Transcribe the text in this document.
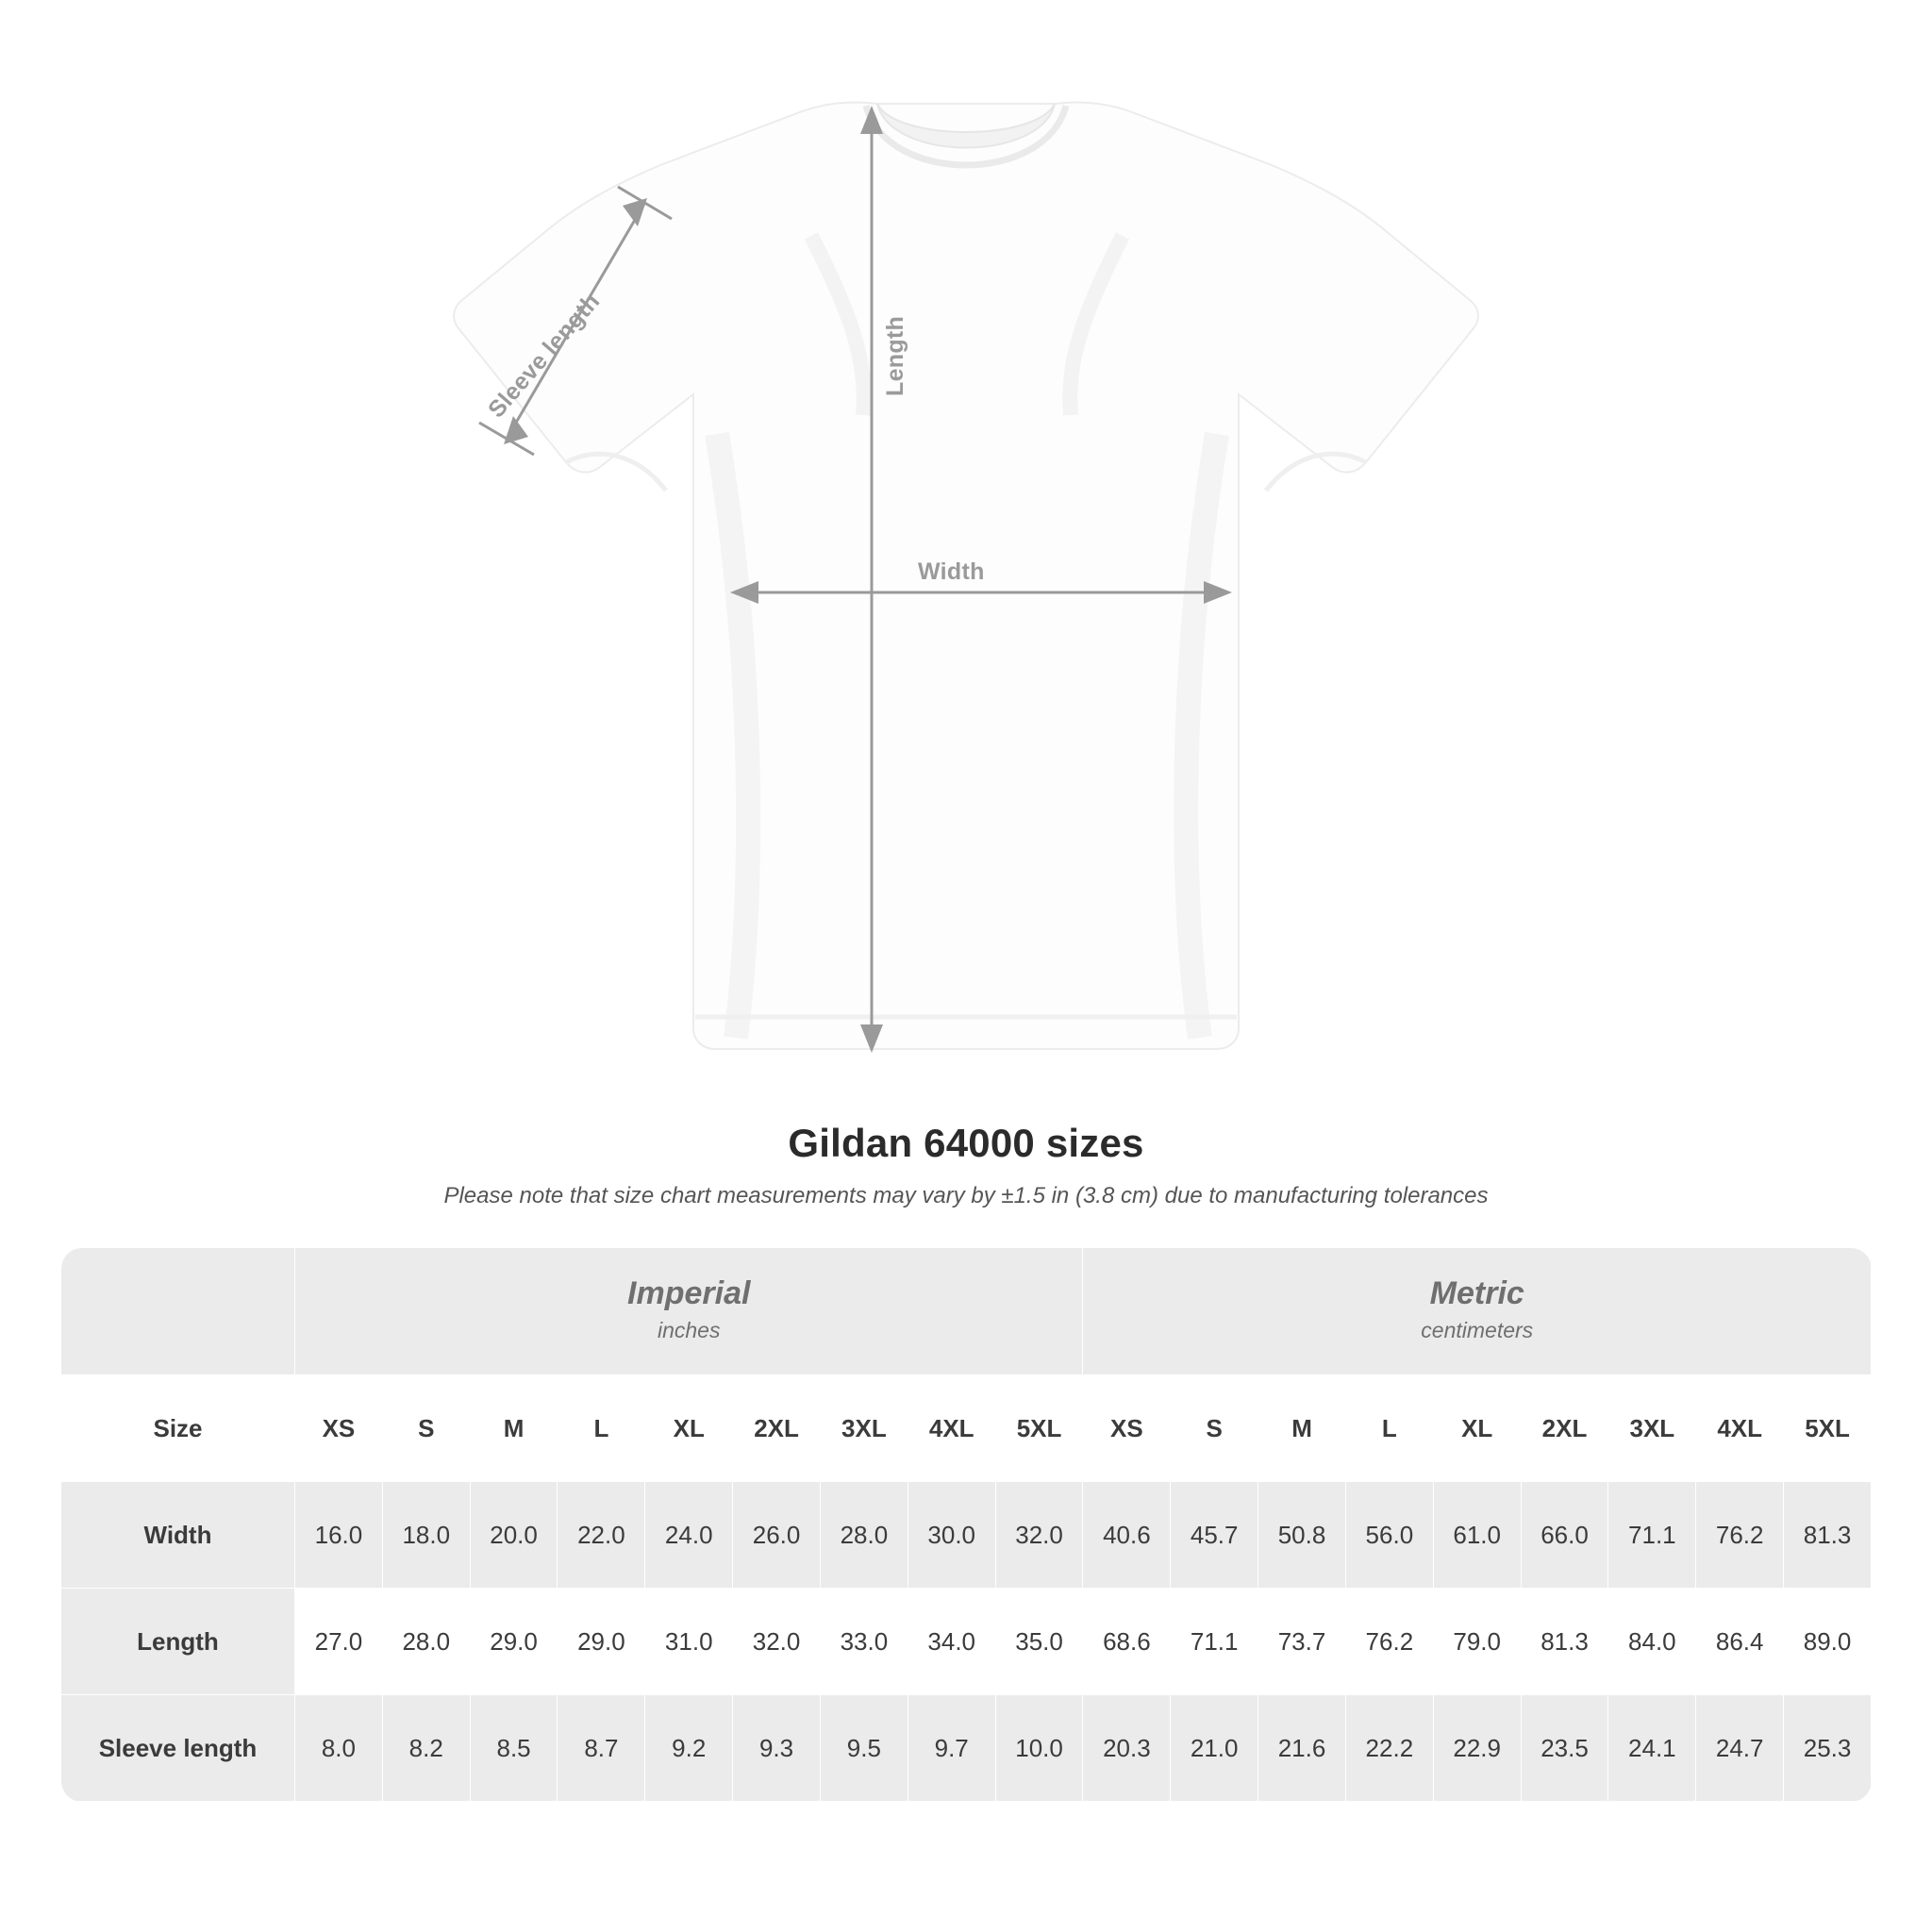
Length
Width
Sleeve length
Gildan 64000 sizes

Please note that size chart measurements may vary by ±1.5 in (3.8 cm) due to manufacturing tolerances

Imperial
inches

Metric
centimeters

Size	XS	S	M	L	XL	2XL	3XL	4XL	5XL	XS	S	M	L	XL	2XL	3XL	4XL	5XL
Width	16.0	18.0	20.0	22.0	24.0	26.0	28.0	30.0	32.0	40.6	45.7	50.8	56.0	61.0	66.0	71.1	76.2	81.3
Length	27.0	28.0	29.0	29.0	31.0	32.0	33.0	34.0	35.0	68.6	71.1	73.7	76.2	79.0	81.3	84.0	86.4	89.0
Sleeve length	8.0	8.2	8.5	8.7	9.2	9.3	9.5	9.7	10.0	20.3	21.0	21.6	22.2	22.9	23.5	24.1	24.7	25.3
